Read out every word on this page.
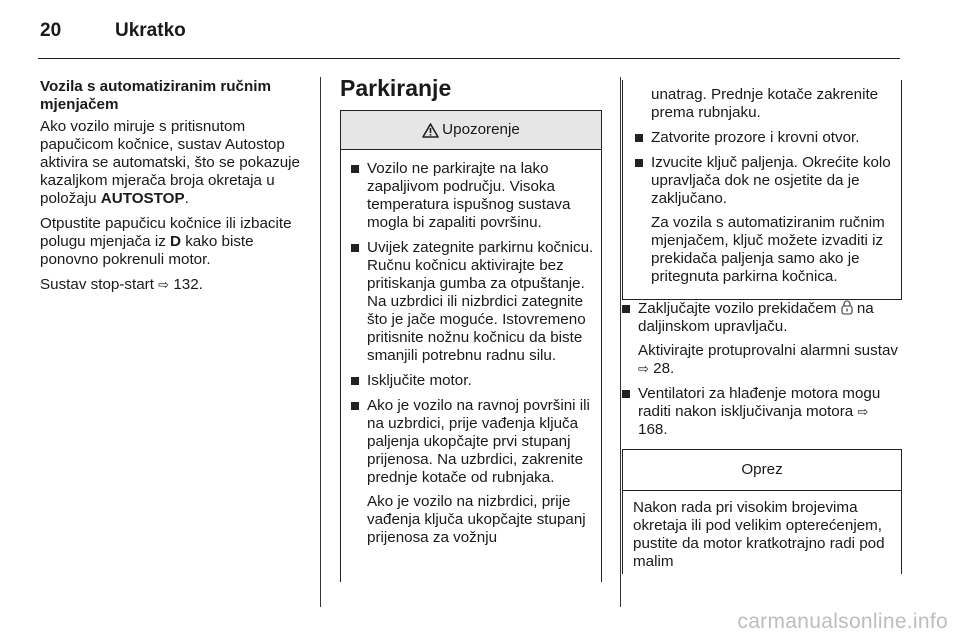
20	Ukratko
Vozila s automatiziranim ručnim mjenjačem

Ako vozilo miruje s pritisnutom papučicom kočnice, sustav Autostop aktivira se automatski, što se pokazuje kazaljkom mjerača broja okretaja u položaju AUTOSTOP.

Otpustite papučicu kočnice ili izbacite polugu mjenjača iz D kako biste ponovno pokrenuli motor.

Sustav stop-start ⇨ 132.

Parkiranje
Upozorenje
Vozilo ne parkirajte na lako zapaljivom području. Visoka temperatura ispušnog sustava mogla bi zapaliti površinu.
Uvijek zategnite parkirnu kočnicu. Ručnu kočnicu aktivirajte bez pritiskanja gumba za otpuštanje. Na uzbrdici ili nizbrdici zategnite što je jače moguće. Istovremeno pritisnite nožnu kočnicu da biste smanjili potrebnu radnu silu.
Isključite motor.
Ako je vozilo na ravnoj površini ili na uzbrdici, prije vađenja ključa paljenja ukopčajte prvi stupanj prijenosa. Na uzbrdici, zakrenite prednje kotače od rubnjaka.
Ako je vozilo na nizbrdici, prije vađenja ključa ukopčajte stupanj prijenosa za vožnju
unatrag. Prednje kotače zakrenite prema rubnjaku.
Zatvorite prozore i krovni otvor.
Izvucite ključ paljenja. Okrećite kolo upravljača dok ne osjetite da je zaključano.
Za vozila s automatiziranim ručnim mjenjačem, ključ možete izvaditi iz prekidača paljenja samo ako je pritegnuta parkirna kočnica.
Zaključajte vozilo prekidačem  na daljinskom upravljaču.
Aktivirajte protuprovalni alarmni sustav ⇨ 28.
Ventilatori za hlađenje motora mogu raditi nakon isključivanja motora ⇨ 168.
Oprez
Nakon rada pri visokim brojevima okretaja ili pod velikim opterećenjem, pustite da motor kratkotrajno radi pod malim
carmanualsonline.info
